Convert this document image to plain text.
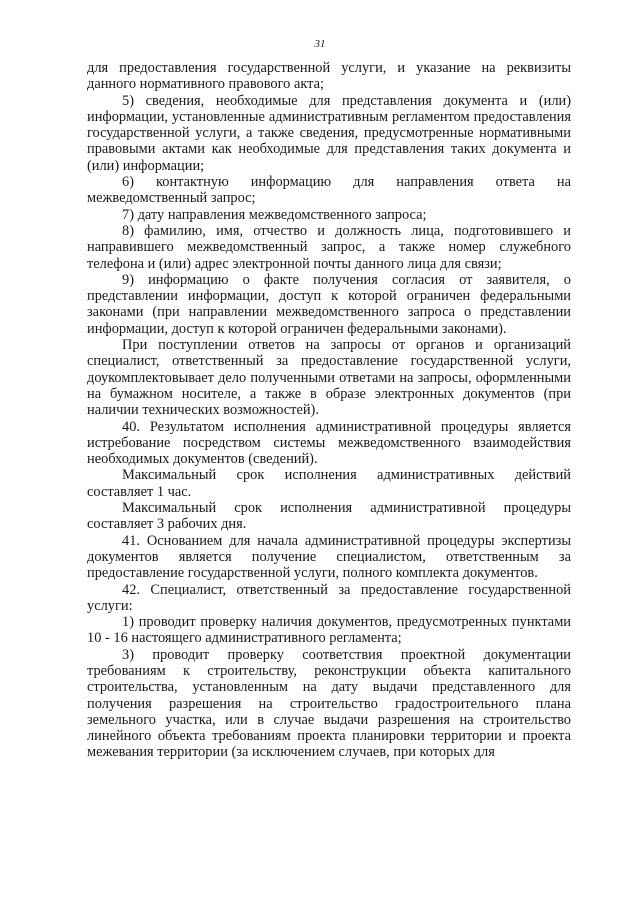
31

для предоставления государственной услуги, и указание на реквизиты данного нормативного правового акта;

5) сведения, необходимые для представления документа и (или) информации, установленные административным регламентом предоставления государственной услуги, а также сведения, предусмотренные нормативными правовыми актами как необходимые для представления таких документа и (или) информации;

6) контактную информацию для направления ответа на межведомственный запрос;

7) дату направления межведомственного запроса;

8) фамилию, имя, отчество и должность лица, подготовившего и направившего межведомственный запрос, а также номер служебного телефона и (или) адрес электронной почты данного лица для связи;

9) информацию о факте получения согласия от заявителя, о представлении информации, доступ к которой ограничен федеральными законами (при направлении межведомственного запроса о представлении информации, доступ к которой ограничен федеральными законами).

При поступлении ответов на запросы от органов и организаций специалист, ответственный за предоставление государственной услуги, доукомплектовывает дело полученными ответами на запросы, оформленными на бумажном носителе, а также в образе электронных документов (при наличии технических возможностей).

40. Результатом исполнения административной процедуры является истребование посредством системы межведомственного взаимодействия необходимых документов (сведений).

Максимальный срок исполнения административных действий составляет 1 час.

Максимальный срок исполнения административной процедуры составляет 3 рабочих дня.

41. Основанием для начала административной процедуры экспертизы документов является получение специалистом, ответственным за предоставление государственной услуги, полного комплекта документов.

42. Специалист, ответственный за предоставление государственной услуги:

1) проводит проверку наличия документов, предусмотренных пунктами 10 - 16 настоящего административного регламента;

3) проводит проверку соответствия проектной документации требованиям к строительству, реконструкции объекта капитального строительства, установленным на дату выдачи представленного для получения разрешения на строительство градостроительного плана земельного участка, или в случае выдачи разрешения на строительство линейного объекта требованиям проекта планировки территории и проекта межевания территории (за исключением случаев, при которых для
